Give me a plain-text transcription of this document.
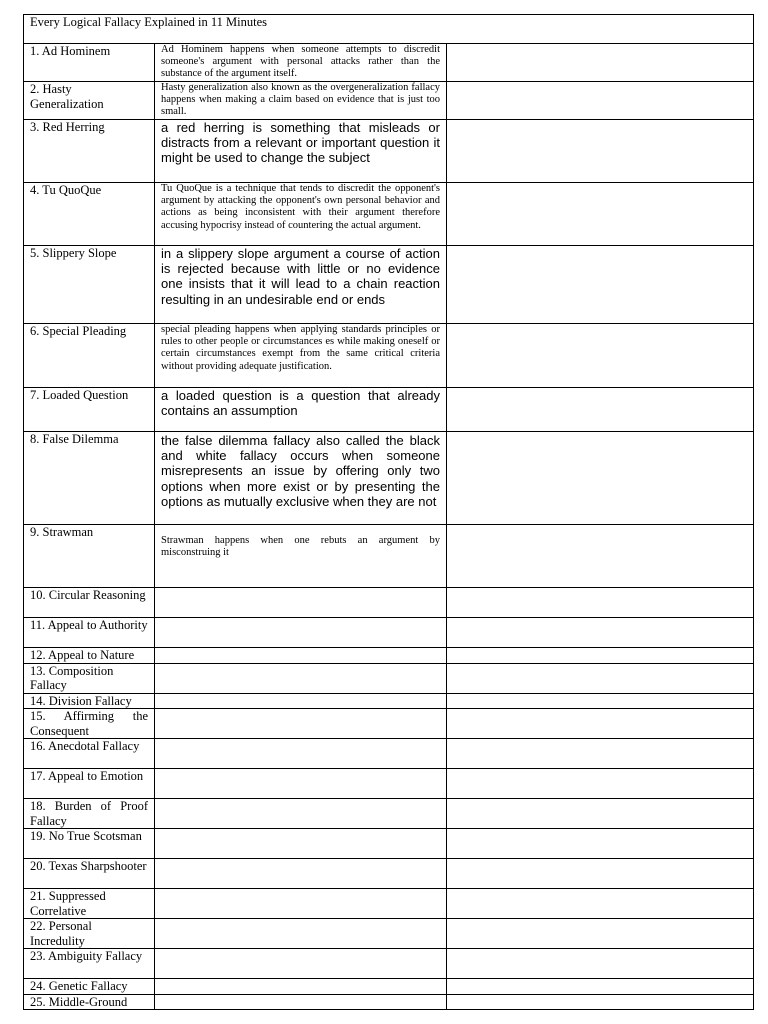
Every Logical Fallacy Explained in 11 Minutes		
1. Ad Hominem	Ad Hominem happens when someone attempts to discredit someone's argument with personal attacks rather than the substance of the argument itself.	
2. Hasty Generalization	Hasty generalization also known as the overgeneralization fallacy happens when making a claim based on evidence that is just too small.	
3. Red Herring	a red herring is something that misleads or distracts from a relevant or important question it might be used to change the subject	
4. Tu QuoQue	Tu QuoQue is a technique that tends to discredit the opponent's argument by attacking the opponent's own personal behavior and actions as being inconsistent with their argument therefore accusing hypocrisy instead of countering the actual argument.	
5. Slippery Slope	in a slippery slope argument a course of action is rejected because with little or no evidence one insists that it will lead to a chain reaction resulting in an undesirable end or ends	
6. Special Pleading	special pleading happens when applying standards principles or rules to other people or circumstances es while making oneself or certain circumstances exempt from the same critical criteria without providing adequate justification.	
7. Loaded Question	a loaded question is a question that already contains an assumption	
8. False Dilemma	the false dilemma fallacy also called the black and white fallacy occurs when someone misrepresents an issue by offering only two options when more exist or by presenting the options as mutually exclusive when they are not	
9. Strawman	Strawman happens when one rebuts an argument by misconstruing it	
10. Circular Reasoning		
11. Appeal to Authority		
12. Appeal to Nature		
13. Composition Fallacy		
14. Division Fallacy		
15. Affirming the Consequent		
16. Anecdotal Fallacy		
17. Appeal to Emotion		
18. Burden of Proof Fallacy		
19. No True Scotsman		
20. Texas Sharpshooter		
21. Suppressed Correlative		
22. Personal Incredulity		
23. Ambiguity Fallacy		
24. Genetic Fallacy		
25. Middle-Ground		
